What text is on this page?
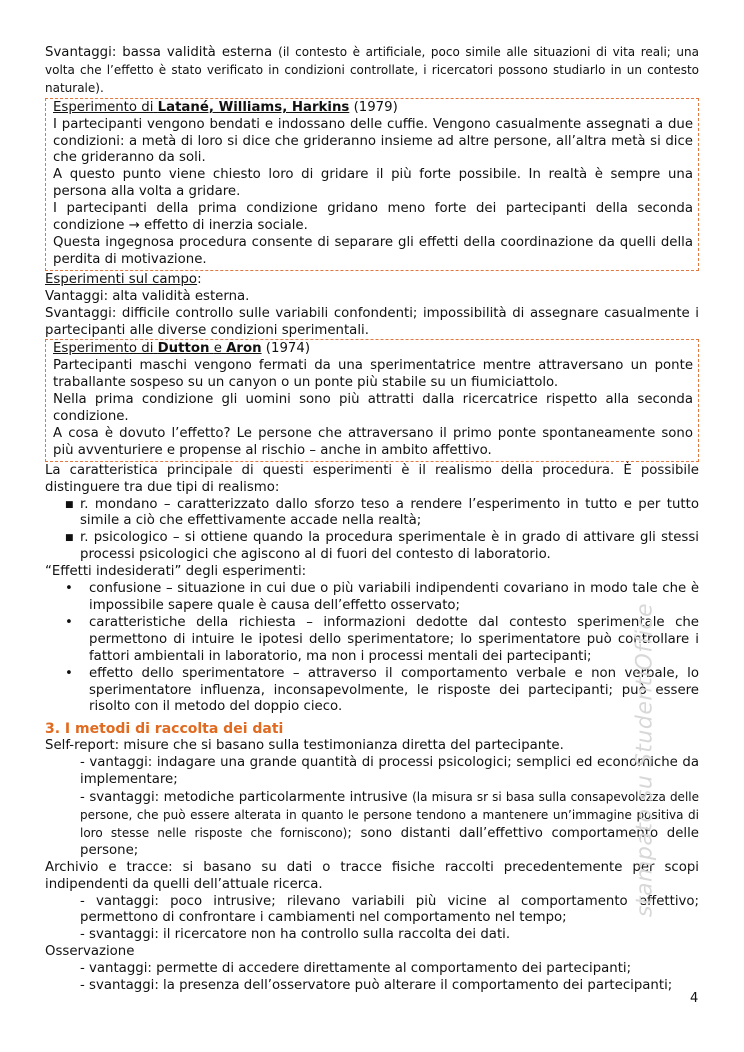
Svantaggi: bassa validità esterna (il contesto è artificiale, poco simile alle situazioni di vita reali; una volta che l’effetto è stato verificato in condizioni controllate, i ricercatori possono studiarlo in un contesto naturale).

Esperimento di Latané, Williams, Harkins (1979)

I partecipanti vengono bendati e indossano delle cuffie. Vengono casualmente assegnati a due condizioni: a metà di loro si dice che grideranno insieme ad altre persone, all’altra metà si dice che grideranno da soli.

A questo punto viene chiesto loro di gridare il più forte possibile. In realtà è sempre una persona alla volta a gridare.

I partecipanti della prima condizione gridano meno forte dei partecipanti della seconda condizione → effetto di inerzia sociale.

Questa ingegnosa procedura consente di separare gli effetti della coordinazione da quelli della perdita di motivazione.

Esperimenti sul campo:

Vantaggi: alta validità esterna.

Svantaggi: difficile controllo sulle variabili confondenti; impossibilità di assegnare casualmente i partecipanti alle diverse condizioni sperimentali.

Esperimento di Dutton e Aron (1974)

Partecipanti maschi vengono fermati da una sperimentatrice mentre attraversano un ponte traballante sospeso su un canyon o un ponte più stabile su un fiumiciattolo.

Nella prima condizione gli uomini sono più attratti dalla ricercatrice rispetto alla seconda condizione.

A cosa è dovuto l’effetto? Le persone che attraversano il primo ponte spontaneamente sono più avventuriere e propense al rischio – anche in ambito affettivo.

La caratteristica principale di questi esperimenti è il realismo della procedura. È possibile distinguere tra due tipi di realismo:

■ r. mondano – caratterizzato dallo sforzo teso a rendere l’esperimento in tutto e per tutto simile a ciò che effettivamente accade nella realtà;
■ r. psicologico – si ottiene quando la procedura sperimentale è in grado di attivare gli stessi processi psicologici che agiscono al di fuori del contesto di laboratorio.

“Effetti indesiderati” degli esperimenti:

• confusione – situazione in cui due o più variabili indipendenti covariano in modo tale che è impossibile sapere quale è causa dell’effetto osservato;
• caratteristiche della richiesta – informazioni dedotte dal contesto sperimentale che permettono di intuire le ipotesi dello sperimentatore; lo sperimentatore può controllare i fattori ambientali in laboratorio, ma non i processi mentali dei partecipanti;
• effetto dello sperimentatore – attraverso il comportamento verbale e non verbale, lo sperimentatore influenza, inconsapevolmente, le risposte dei partecipanti; può essere risolto con il metodo del doppio cieco.
3. I metodi di raccolta dei dati

Self-report: misure che si basano sulla testimonianza diretta del partecipante.

- vantaggi: indagare una grande quantità di processi psicologici; semplici ed economiche da implementare;

- svantaggi: metodiche particolarmente intrusive (la misura sr si basa sulla consapevolezza delle persone, che può essere alterata in quanto le persone tendono a mantenere un’immagine positiva di loro stesse nelle risposte che forniscono); sono distanti dall’effettivo comportamento delle persone;

Archivio e tracce: si basano su dati o tracce fisiche raccolti precedentemente per scopi indipendenti da quelli dell’attuale ricerca.

- vantaggi: poco intrusive; rilevano variabili più vicine al comportamento effettivo; permettono di confrontare i cambiamenti nel comportamento nel tempo;

- svantaggi: il ricercatore non ha controllo sulla raccolta dei dati.

Osservazione

- vantaggi: permette di accedere direttamente al comportamento dei partecipanti;

- svantaggi: la presenza dell’osservatore può alterare il comportamento dei partecipanti;

stampato su StudentiOffice
4
